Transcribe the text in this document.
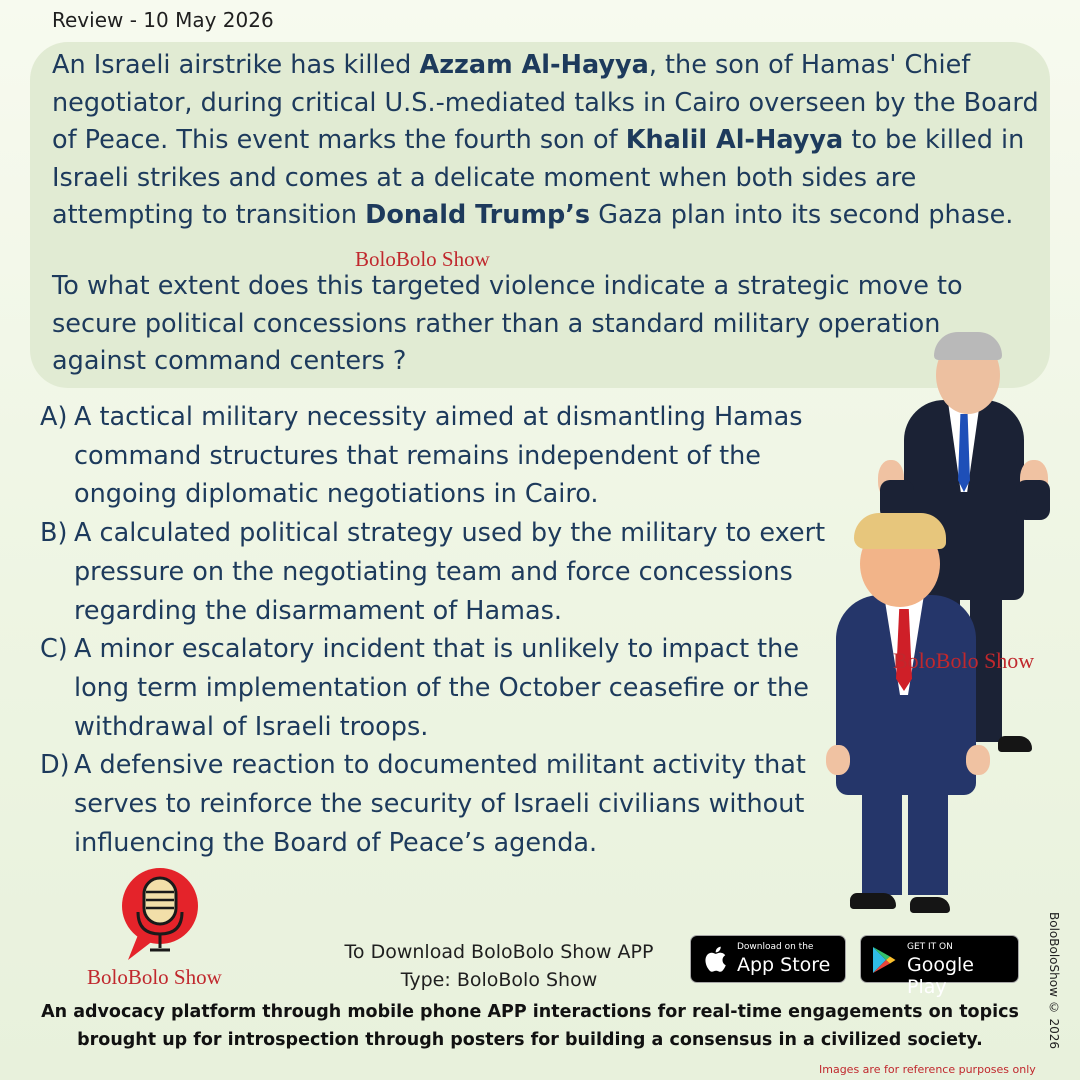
Review - 10 May 2026

An Israeli airstrike has killed Azzam Al-Hayya, the son of Hamas' Chief negotiator, during critical U.S.-mediated talks in Cairo overseen by the Board of Peace. This event marks the fourth son of Khalil Al-Hayya to be killed in Israeli strikes and comes at a delicate moment when both sides are attempting to transition Donald Trump’s Gaza plan into its second phase.

BoloBolo Show

To what extent does this targeted violence indicate a strategic move to secure political concessions rather than a standard military operation against command centers ?

A) A tactical military necessity aimed at dismantling Hamas command structures that remains independent of the ongoing diplomatic negotiations in Cairo.
B) A calculated political strategy used by the military to exert pressure on the negotiating team and force concessions regarding the disarmament of Hamas.
C) A minor escalatory incident that is unlikely to impact the long term implementation of the October ceasefire or the withdrawal of Israeli troops.
D) A defensive reaction to documented militant activity that serves to reinforce the security of Israeli civilians without influencing the Board of Peace’s agenda.
BoloBolo Show
BoloBolo Show
To Download BoloBolo Show APP
Type: BoloBolo Show
Download on the
App Store
GET IT ON
Google Play

An advocacy platform through mobile phone APP interactions for real-time engagements on topics brought up for introspection through posters for building a consensus in a civilized society.	BoloBoloShow © 2026
Images are for reference purposes only
